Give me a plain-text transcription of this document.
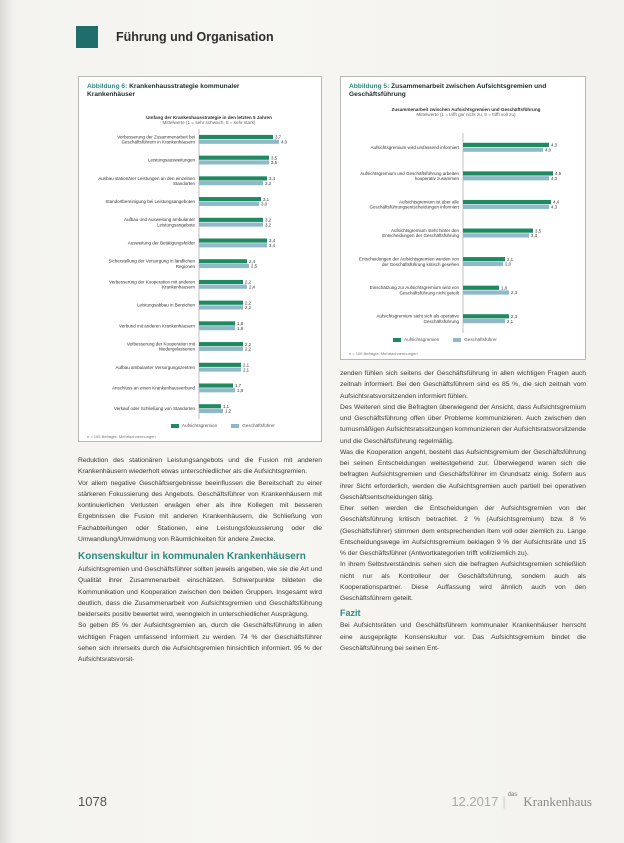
Führung und Organisation
Abbildung 6: Krankenhausstrategie kommunaler Krankenhäuser
Umfang der Krankenhausstrategie in den letzten 5 Jahren
Mittelwerte (1 = sehr schwach, 5 = sehr stark)
Verbesserung der Zusammenarbeit bei Geschäftsführern in Krankenhäusern
3,7
4,0
Leistungsausweitungen	3,5
3,5
Ausbau stationärer Leistungen an den einzelnen Standorten
3,4
3,2
Standortbereinigung bei Leistungsangeboten	3,1
3,0
Aufbau und Ausweitung ambulanter Leistungsangebote
3,2
3,2
Ausweitung der Betätigungsfelder	3,4
3,4
Sicherstellung der Versorgung in ländlichen Regionen
2,4
2,5
Verbesserung der Kooperation mit anderen Krankenhäusern
2,2
2,4
Leistungsabbau in Bereichen	2,2
2,2
Verbund mit anderen Krankenhäusern	1,8
1,8
Verbesserung der Kooperation mit Niedergelassenen
2,2
2,2
Aufbau ambulanter Versorgungszentren	2,1
2,1
Anschluss an einen Krankenhausverbund	1,7
1,8
Verkauf oder Schließung von Standorten	1,1
1,2
Aufsichtsgremien	Geschäftsführer
n = 105 Befragte, Mehrfachnennungen
Abbildung 5: Zusammenarbeit zwischen Aufsichtsgremien und Geschäftsführung
Zusammenarbeit zwischen Aufsichtsgremien und Geschäftsführung
Mittelwerte (1 = trifft gar nicht zu, 5 = trifft voll zu)
Aufsichtsgremium wird umfassend informiert	4,3
4,0
Aufsichtsgremium und Geschäftsführung arbeiten kooperativ zusammen
4,5
4,3
Aufsichtsgremium ist über alle Geschäftsführungsentscheidungen informiert
4,4
4,3
Aufsichtsgremium steht hinter den Entscheidungen der Geschäftsführung
3,5
3,3
Entscheidungen der Aufsichtsgremien werden von der Geschäftsführung kritisch gesehen
2,1
2,0
Einschätzung zur Aufsichtsgremium wird von Geschäftsführung nicht geteilt
1,8
2,3
Aufsichtsgremium sieht sich als operative Geschäftsführung
2,3
2,1
Aufsichtsgremien	Geschäftsführer
n = 105 Befragte, Mehrfachnennungen

Reduktion des stationären Leistungsangebots und die Fusion mit anderen Krankenhäusern wiederholt etwas unterschiedlicher als die Aufsichtsgremien.

Vor allem negative Geschäftsergebnisse beeinflussen die Bereitschaft zu einer stärkeren Fokussierung des Angebots. Geschäftsführer von Krankenhäusern mit kontinuierlichen Verlusten erwägen eher als ihre Kollegen mit besseren Ergebnissen die Fusion mit anderen Krankenhäusern, die Schließung von Fachabteilungen oder Stationen, eine Leistungsfokussierung oder die Umwandlung/Umwidmung von Räumlichkeiten für andere Zwecke.

Konsenskultur in kommunalen Krankenhäusern

Aufsichtsgremien und Geschäftsführer sollten jeweils angeben, wie sie die Art und Qualität ihrer Zusammenarbeit einschätzen. Schwerpunkte bildeten die Kommunikation und Kooperation zwischen den beiden Gruppen. Insgesamt wird deutlich, dass die Zusammenarbeit von Aufsichtsgremien und Geschäftsführung beiderseits positiv bewertet wird, wenngleich in unterschiedlicher Ausprägung.

So geben 85 % der Aufsichtsgremien an, durch die Geschäftsführung in allen wichtigen Fragen umfassend informiert zu werden. 74 % der Geschäftsführer sehen sich ihrerseits durch die Aufsichtsgremien hinsichtlich informiert. 95 % der Aufsichtsratsvorsit-

zenden fühlen sich seitens der Geschäftsführung in allen wichtigen Fragen auch zeitnah informiert. Bei den Geschäftsführern sind es 85 %, die sich zeitnah vom Aufsichtsratsvorsitzenden informiert fühlen.

Des Weiteren sind die Befragten überwiegend der Ansicht, dass Aufsichtsgremium und Geschäftsführung offen über Probleme kommunizieren. Auch zwischen den turnusmäßigen Aufsichtsratssitzungen kommunizieren der Aufsichtsratsvorsitzende und die Geschäftsführung regelmäßig.

Was die Kooperation angeht, besteht das Aufsichtsgremium der Geschäftsführung bei seinen Entscheidungen weitestgehend zur. Überwiegend waren sich die befragten Aufsichtsgremien und Geschäftsführer im Grundsatz einig. Sofern aus ihrer Sicht erforderlich, werden die Aufsichtsgremien auch partiell bei operativen Geschäftsentscheidungen tätig.

Eher selten werden die Entscheidungen der Aufsichtsgremien von der Geschäftsführung kritisch betrachtet. 2 % (Aufsichtsgremium) bzw. 8 % (Geschäftsführer) stimmen dem entsprechenden Item voll oder ziemlich zu. Lange Entscheidungswege im Aufsichtsgremium beklagen 9 % der Aufsichtsräte und 15 % der Geschäftsführer (Antwortkategorien trifft voll/ziemlich zu).

In ihrem Selbstverständnis sehen sich die befragten Aufsichtsgremien schließlich nicht nur als Kontrolleur der Geschäftsführung, sondern auch als Kooperationspartner. Diese Auffassung wird ähnlich auch von den Geschäftsführern geteilt.

Fazit

Bei Aufsichtsräten und Geschäftsführern kommunaler Krankenhäuser herrscht eine ausgeprägte Konsenskultur vor. Das Aufsichtsgremium bindet die Geschäftsführung bei seinen Ent-

1078	12.2017 | das Krankenhaus
